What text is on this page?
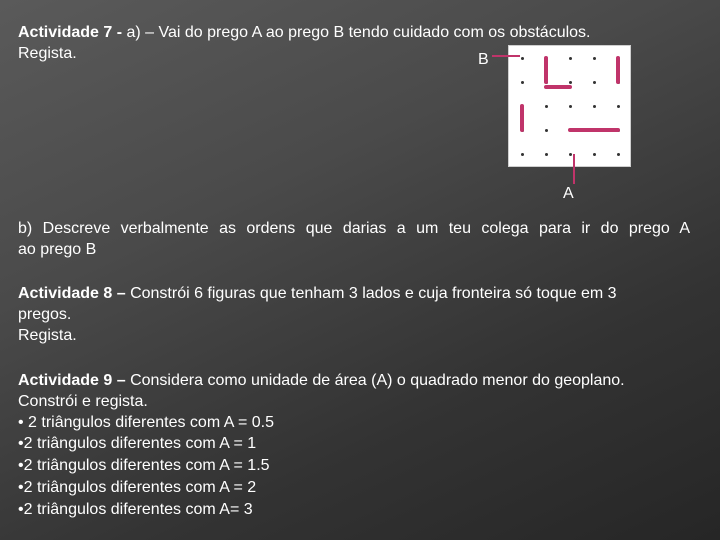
Actividade 7 - a) – Vai do prego A ao prego B tendo cuidado com os obstáculos.
Regista.	B
A
b) Descreve verbalmente as ordens que darias a um teu colega para ir do prego A
ao prego B
Actividade 8 – Constrói 6 figuras que tenham 3 lados e cuja fronteira só toque em 3
pregos.
Regista.
Actividade 9 – Considera como unidade de área (A) o quadrado menor do geoplano.
Constrói e regista.
• 2 triângulos diferentes com A = 0.5
•2 triângulos diferentes com A = 1
•2 triângulos diferentes com A = 1.5
•2 triângulos diferentes com A = 2
•2 triângulos diferentes com A= 3
